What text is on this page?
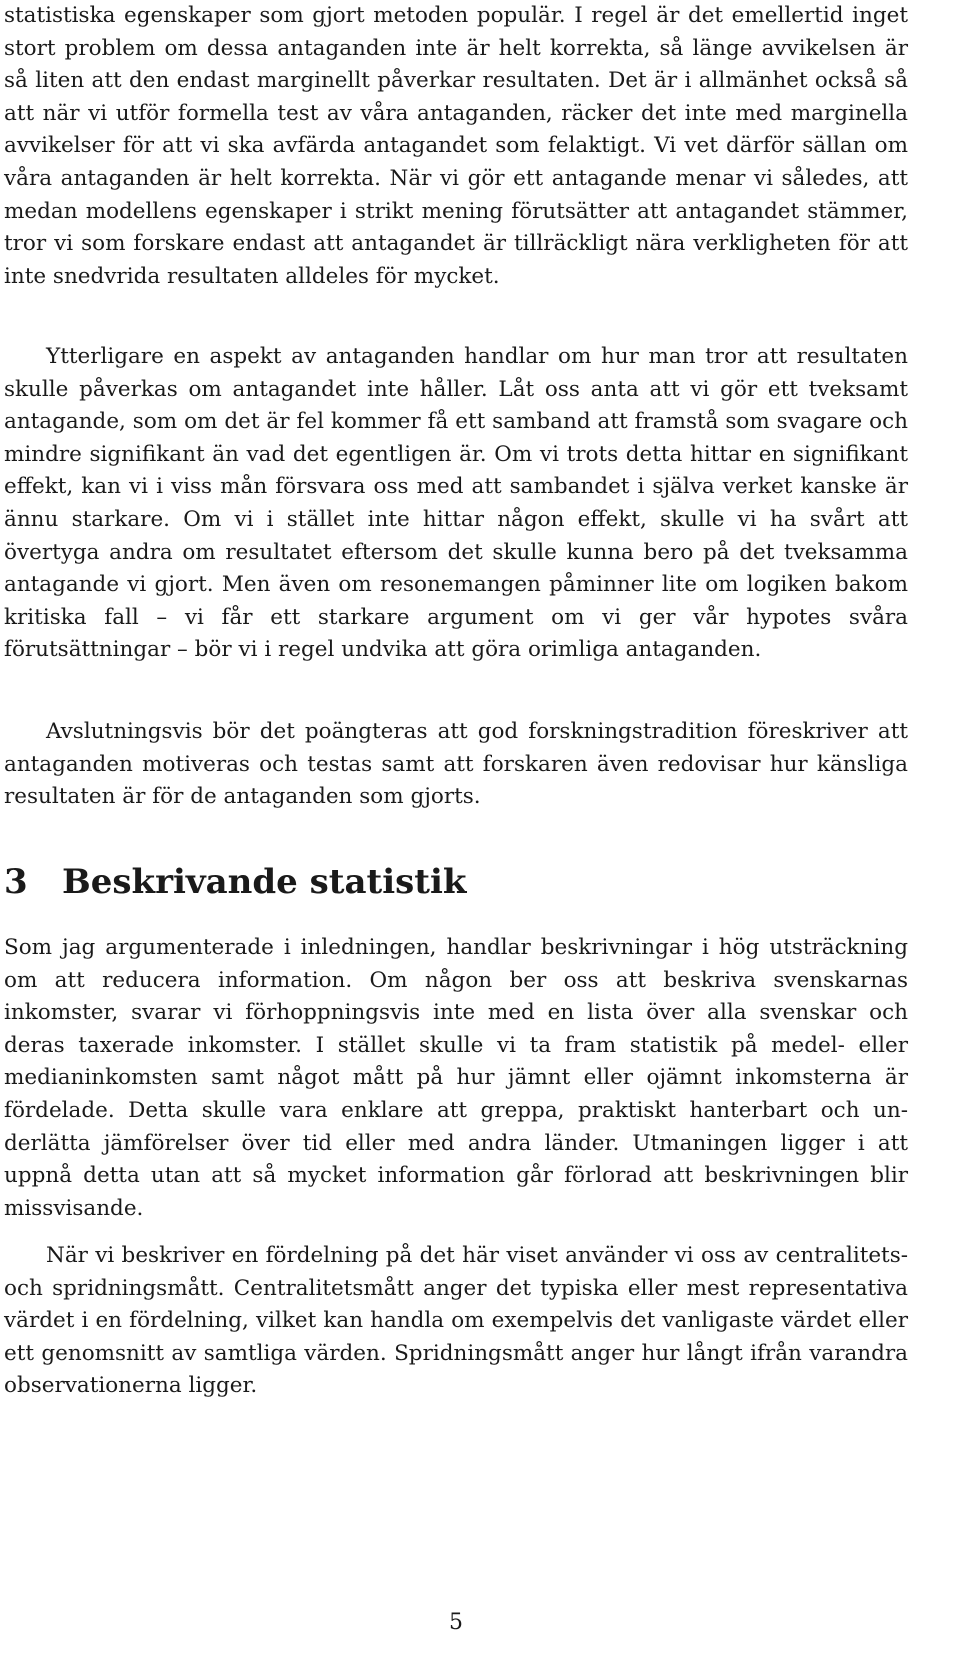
statistiska egenskaper som gjort metoden populär. I regel är det emellertid inget stort problem om dessa antaganden inte är helt korrekta, så länge avvikelsen är så liten att den endast marginellt påverkar resultaten. Det är i allmänhet också så att när vi utför formella test av våra antaganden, räcker det inte med marginella avvikelser för att vi ska avfärda antagandet som felaktigt. Vi vet därför sällan om våra antaganden är helt korrekta. När vi gör ett antagande menar vi således, att medan modellens egenskaper i strikt mening förutsätter att antagandet stämmer, tror vi som forskare endast att antagandet är tillräckligt nära verkligheten för att inte snedvrida resultaten alldeles för mycket.

Ytterligare en aspekt av antaganden handlar om hur man tror att resultaten skulle påverkas om antagandet inte håller. Låt oss anta att vi gör ett tveksamt antagande, som om det är fel kommer få ett samband att framstå som svagare och mindre signifikant än vad det egentligen är. Om vi trots detta hittar en signifikant effekt, kan vi i viss mån försvara oss med att sambandet i själva verket kanske är ännu starkare. Om vi i stället inte hittar någon effekt, skulle vi ha svårt att övertyga andra om resultatet eftersom det skulle kunna bero på det tveksamma antagande vi gjort. Men även om resonemangen påminner lite om logiken bakom kritiska fall – vi får ett starkare argument om vi ger vår hypotes svåra förutsättningar – bör vi i regel undvika att göra orimliga antaganden.

Avslutningsvis bör det poängteras att god forskningstradition föreskriver att antaganden motiveras och testas samt att forskaren även redovisar hur känsliga resultaten är för de antaganden som gjorts.

3 Beskrivande statistik

Som jag argumenterade i inledningen, handlar beskrivningar i hög utsträckning om att reducera information. Om någon ber oss att beskriva svenskarnas inkomster, svarar vi förhoppningsvis inte med en lista över alla svenskar och deras taxerade inkomster. I stället skulle vi ta fram statistik på medel- eller medianinkomsten samt något mått på hur jämnt eller ojämnt inkomsterna är fördelade. Detta skulle vara enklare att greppa, praktiskt hanterbart och underlätta jämförelser över tid eller med andra länder. Utmaningen ligger i att uppnå detta utan att så mycket information går förlorad att beskrivningen blir missvisande.

När vi beskriver en fördelning på det här viset använder vi oss av centralitets- och spridningsmått. Centralitetsmått anger det typiska eller mest representativa värdet i en fördelning, vilket kan handla om exempelvis det vanligaste värdet eller ett genomsnitt av samtliga värden. Spridningsmått anger hur långt ifrån varandra observationerna ligger.

5
